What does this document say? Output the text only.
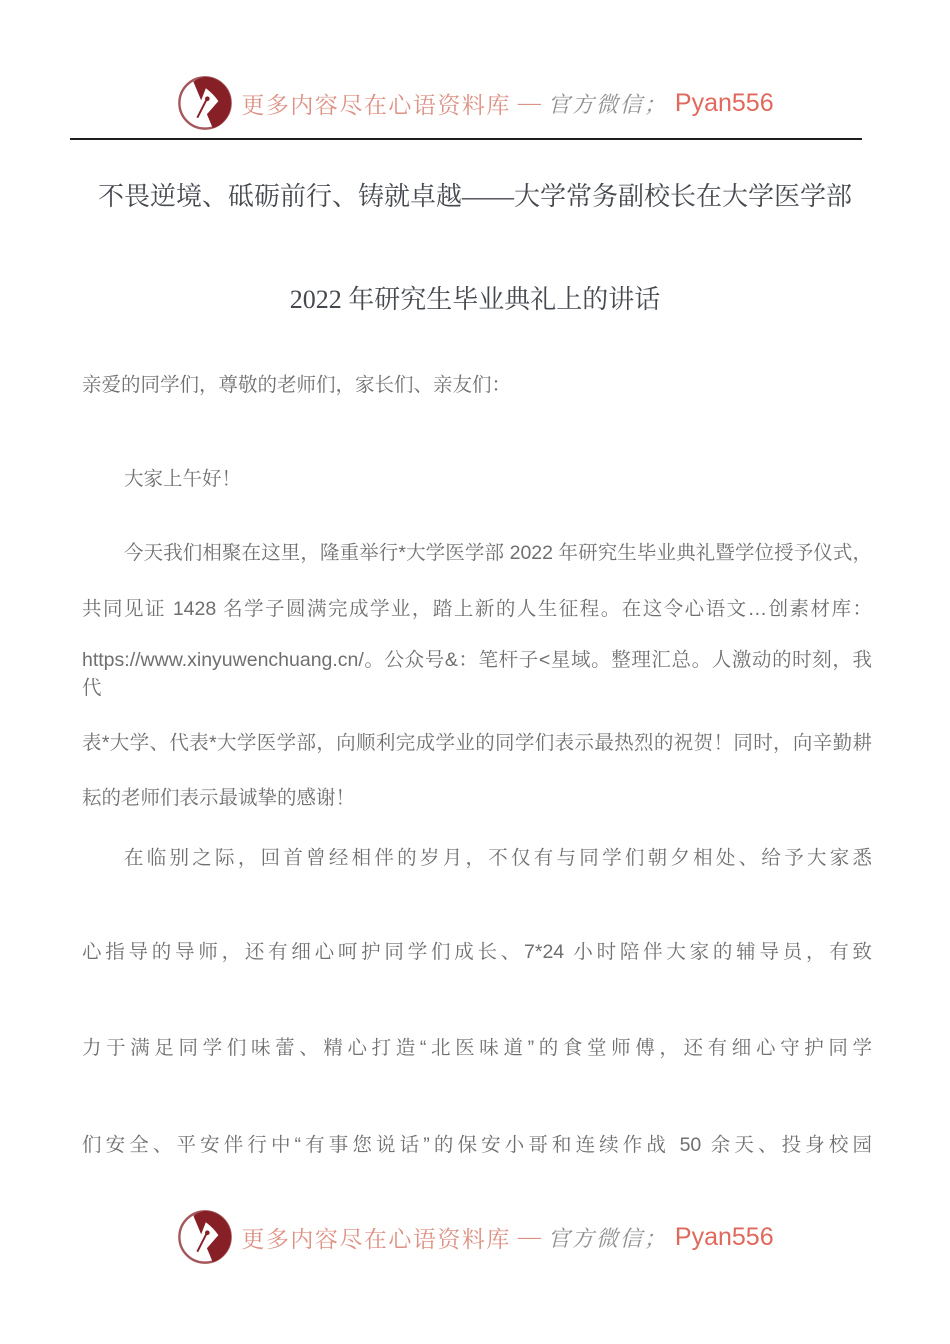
更多内容尽在心语资料库 — 官方微信； Pyan556
不畏逆境、砥砺前行、铸就卓越——大学常务副校长在大学医学部
2022 年研究生毕业典礼上的讲话
亲爱的同学们，尊敬的老师们，家长们、亲友们：
大家上午好！
今天我们相聚在这里，隆重举行*大学医学部 2022 年研究生毕业典礼暨学位授予仪式，
共同见证 1428 名学子圆满完成学业，踏上新的人生征程。在这令心语文…创素材库：
https://www.xinyuwenchuang.cn/。公众号&：笔杆子<星域。整理汇总。人激动的时刻，我代
表*大学、代表*大学医学部，向顺利完成学业的同学们表示最热烈的祝贺！同时，向辛勤耕
耘的老师们表示最诚挚的感谢！
在临别之际，回首曾经相伴的岁月，不仅有与同学们朝夕相处、给予大家悉
心指导的导师，还有细心呵护同学们成长、7*24 小时陪伴大家的辅导员，有致
力于满足同学们味蕾、精心打造“北医味道”的食堂师傅，还有细心守护同学
们安全、平安伴行中“有事您说话”的保安小哥和连续作战 50 余天、投身校园
更多内容尽在心语资料库 — 官方微信； Pyan556
